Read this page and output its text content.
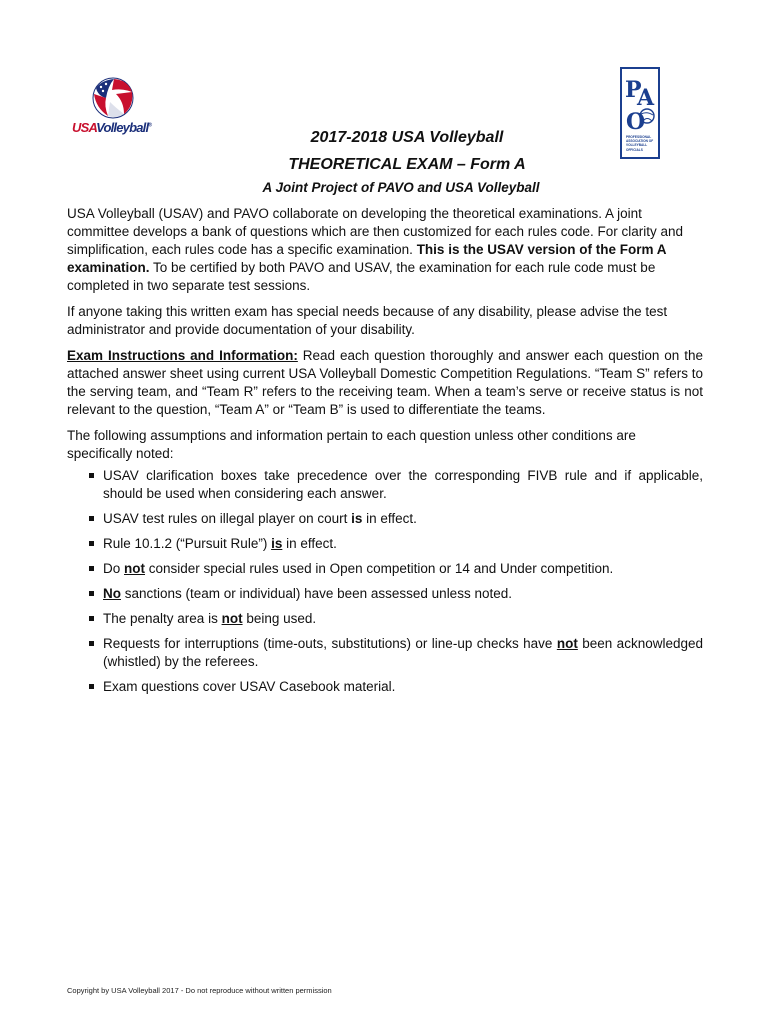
USAVolleyball®
P
A
O
PROFESSIONAL ASSOCIATION OF VOLLEYBALL OFFICIALS
2017-2018 USA Volleyball
THEORETICAL EXAM – Form A
A Joint Project of PAVO and USA Volleyball

USA Volleyball (USAV) and PAVO collaborate on developing the theoretical examinations. A joint committee develops a bank of questions which are then customized for each rules code. For clarity and simplification, each rules code has a specific examination. This is the USAV version of the Form A examination. To be certified by both PAVO and USAV, the examination for each rule code must be completed in two separate test sessions.

If anyone taking this written exam has special needs because of any disability, please advise the test administrator and provide documentation of your disability.

Exam Instructions and Information: Read each question thoroughly and answer each question on the attached answer sheet using current USA Volleyball Domestic Competition Regulations. “Team S” refers to the serving team, and “Team R” refers to the receiving team. When a team’s serve or receive status is not relevant to the question, “Team A” or “Team B” is used to differentiate the teams.

The following assumptions and information pertain to each question unless other conditions are specifically noted:

USAV clarification boxes take precedence over the corresponding FIVB rule and if applicable, should be used when considering each answer.
USAV test rules on illegal player on court is in effect.
Rule 10.1.2 (“Pursuit Rule”) is in effect.
Do not consider special rules used in Open competition or 14 and Under competition.
No sanctions (team or individual) have been assessed unless noted.
The penalty area is not being used.
Requests for interruptions (time-outs, substitutions) or line-up checks have not been acknowledged (whistled) by the referees.
Exam questions cover USAV Casebook material.
Copyright by USA Volleyball 2017 - Do not reproduce without written permission
